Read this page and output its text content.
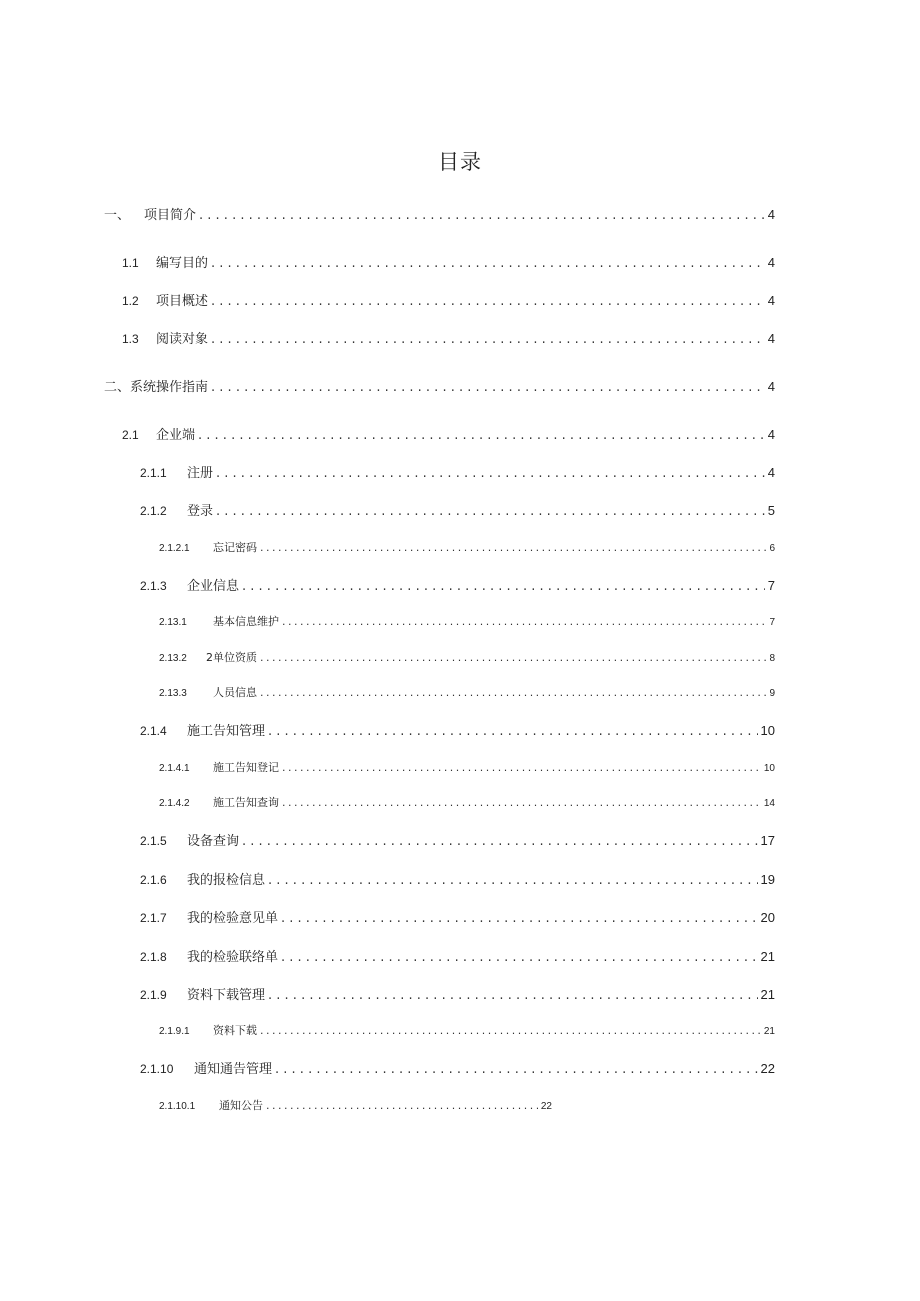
目录
一、	项目简介 . . .	4
1.1	编写目的 . . .	4
1.2	项目概述 . . .	4
1.3	阅读对象 . . .	4
二、 系统操作指南 . . .	4
2.1	企业端 . . .	4
2.1.1	注册 . . .	4
2.1.2	登录 . . .	5
2.1.2.1	忘记密码 . . .	6
2.1.3	企业信息 . . .	7
2.13.1	基本信息维护 . . .	7
2.13.2	2单位资质 . . .	8
2.13.3	人员信息 . . .	9
2.1.4	施工告知管理 . . .	10
2.1.4.1	施工告知登记 . . .	10
2.1.4.2	施工告知查询 . . .	14
2.1.5	设备查询 . . .	17
2.1.6	我的报检信息 . . .	19
2.1.7	我的检验意见单 . . .	20
2.1.8	我的检验联络单 . . .	21
2.1.9	资料下载管理 . . .	21
2.1.9.1	资料下载 . . .	21
2.1.10	通知通告管理 . . .	22
2.1.10.1	通知公告 . . .	22
